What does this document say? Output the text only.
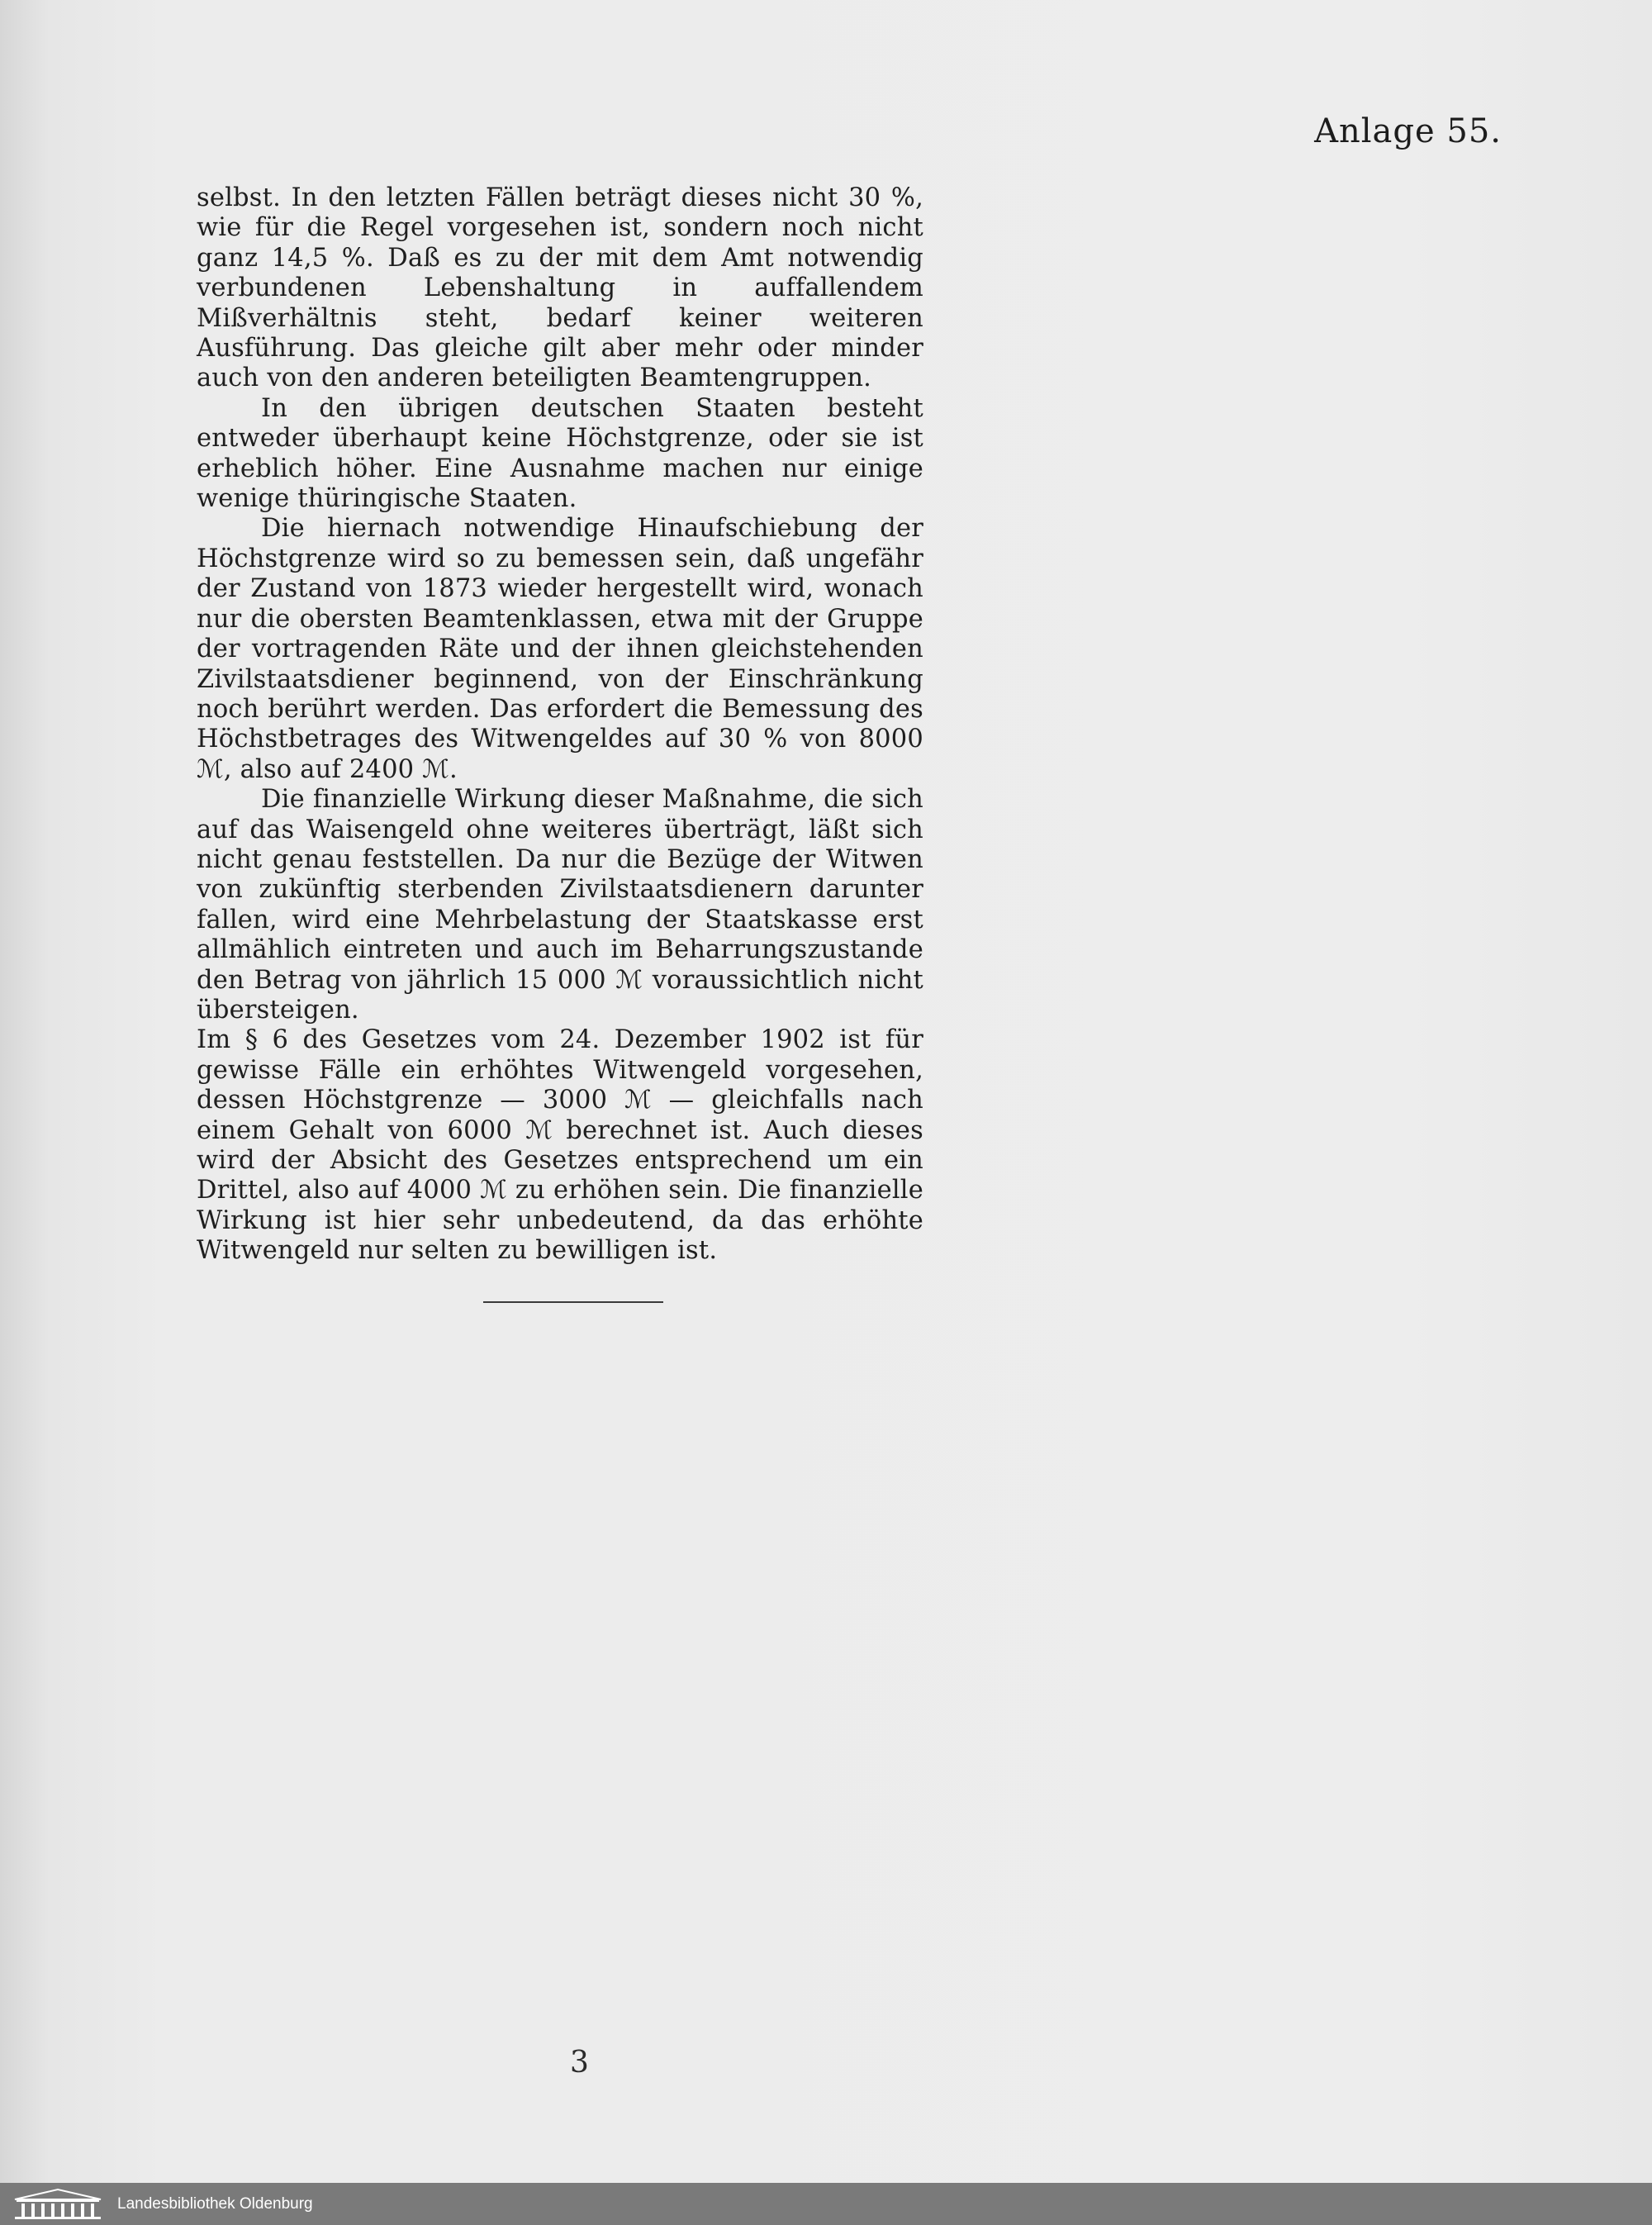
Anlage 55.

selbst. In den letzten Fällen beträgt dieses nicht 30 %, wie für die Regel vorgesehen ist, sondern noch nicht ganz 14,5 %. Daß es zu der mit dem Amt notwendig verbundenen Lebenshaltung in auffallendem Mißverhältnis steht, bedarf keiner weiteren Ausführung. Das gleiche gilt aber mehr oder minder auch von den anderen beteiligten Beamtengruppen.

In den übrigen deutschen Staaten besteht entweder überhaupt keine Höchstgrenze, oder sie ist erheblich höher. Eine Ausnahme machen nur einige wenige thüringische Staaten.

Die hiernach notwendige Hinaufschiebung der Höchstgrenze wird so zu bemessen sein, daß ungefähr der Zustand von 1873 wieder hergestellt wird, wonach nur die obersten Beamtenklassen, etwa mit der Gruppe der vortragenden Räte und der ihnen gleichstehenden Zivilstaatsdiener beginnend, von der Einschränkung noch berührt werden. Das erfordert die Bemessung des Höchstbetrages des Witwengeldes auf 30 % von 8000 ℳ, also auf 2400 ℳ.

Die finanzielle Wirkung dieser Maßnahme, die sich auf das Waisengeld ohne weiteres überträgt, läßt sich nicht genau feststellen. Da nur die Bezüge der Witwen von zukünftig sterbenden Zivilstaatsdienern darunter fallen, wird eine Mehrbelastung der Staatskasse erst allmählich eintreten und auch im Beharrungszustande den Betrag von jährlich 15 000 ℳ voraussichtlich nicht übersteigen.

Im § 6 des Gesetzes vom 24. Dezember 1902 ist für gewisse Fälle ein erhöhtes Witwengeld vorgesehen, dessen Höchstgrenze — 3000 ℳ — gleichfalls nach einem Gehalt von 6000 ℳ berechnet ist. Auch dieses wird der Absicht des Gesetzes entsprechend um ein Drittel, also auf 4000 ℳ zu erhöhen sein. Die finanzielle Wirkung ist hier sehr unbedeutend, da das erhöhte Witwengeld nur selten zu bewilligen ist.

3
Landesbibliothek Oldenburg
